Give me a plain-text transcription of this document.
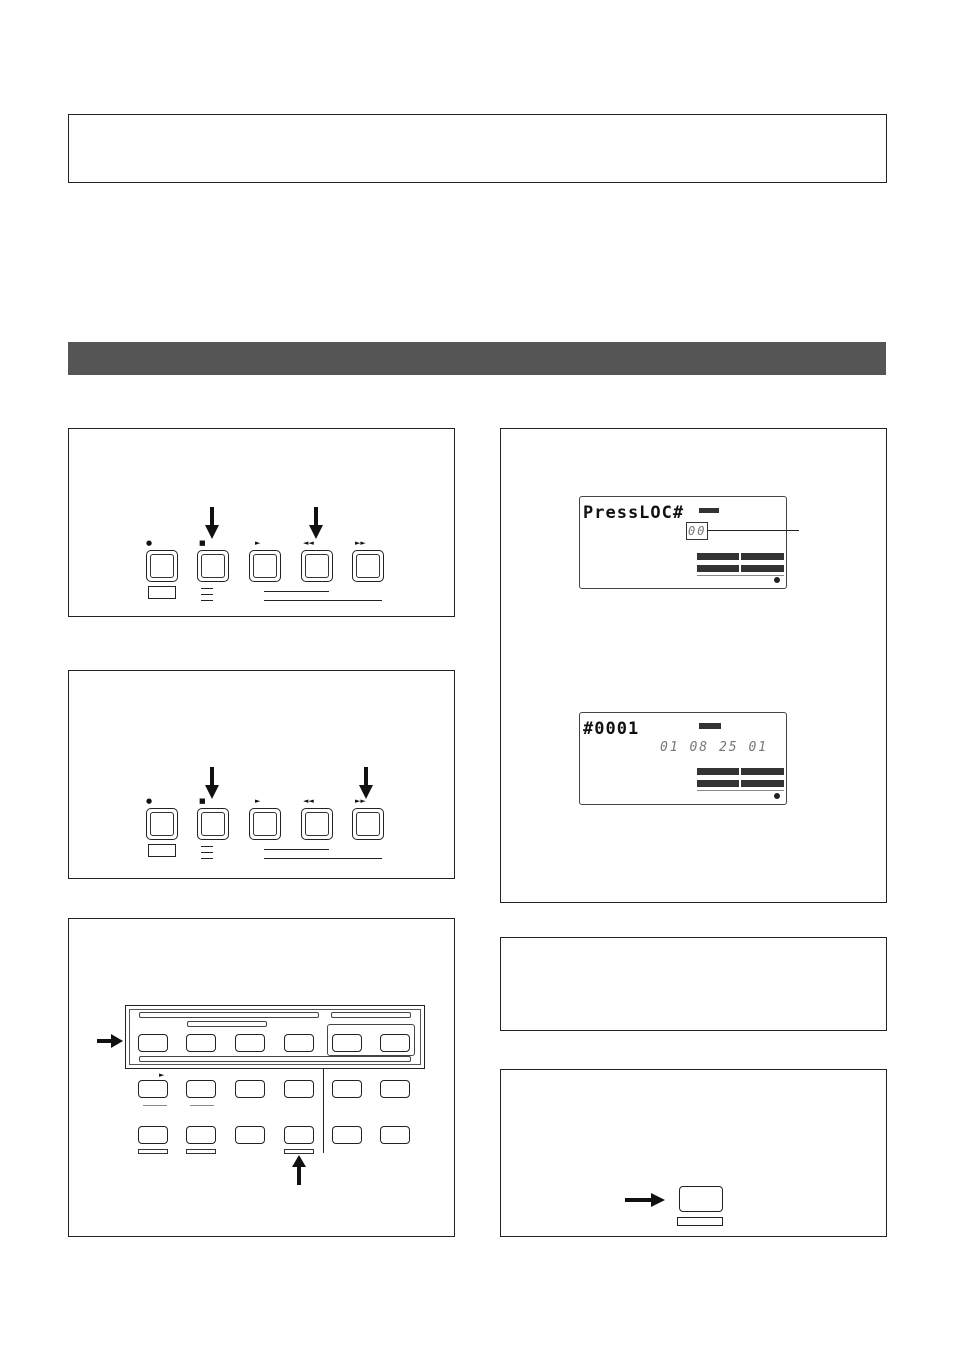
●	■	►	◄◄	►►
●	■	►	◄◄	►►
►
PressLOC#
00
#0001
01 08 25 01
